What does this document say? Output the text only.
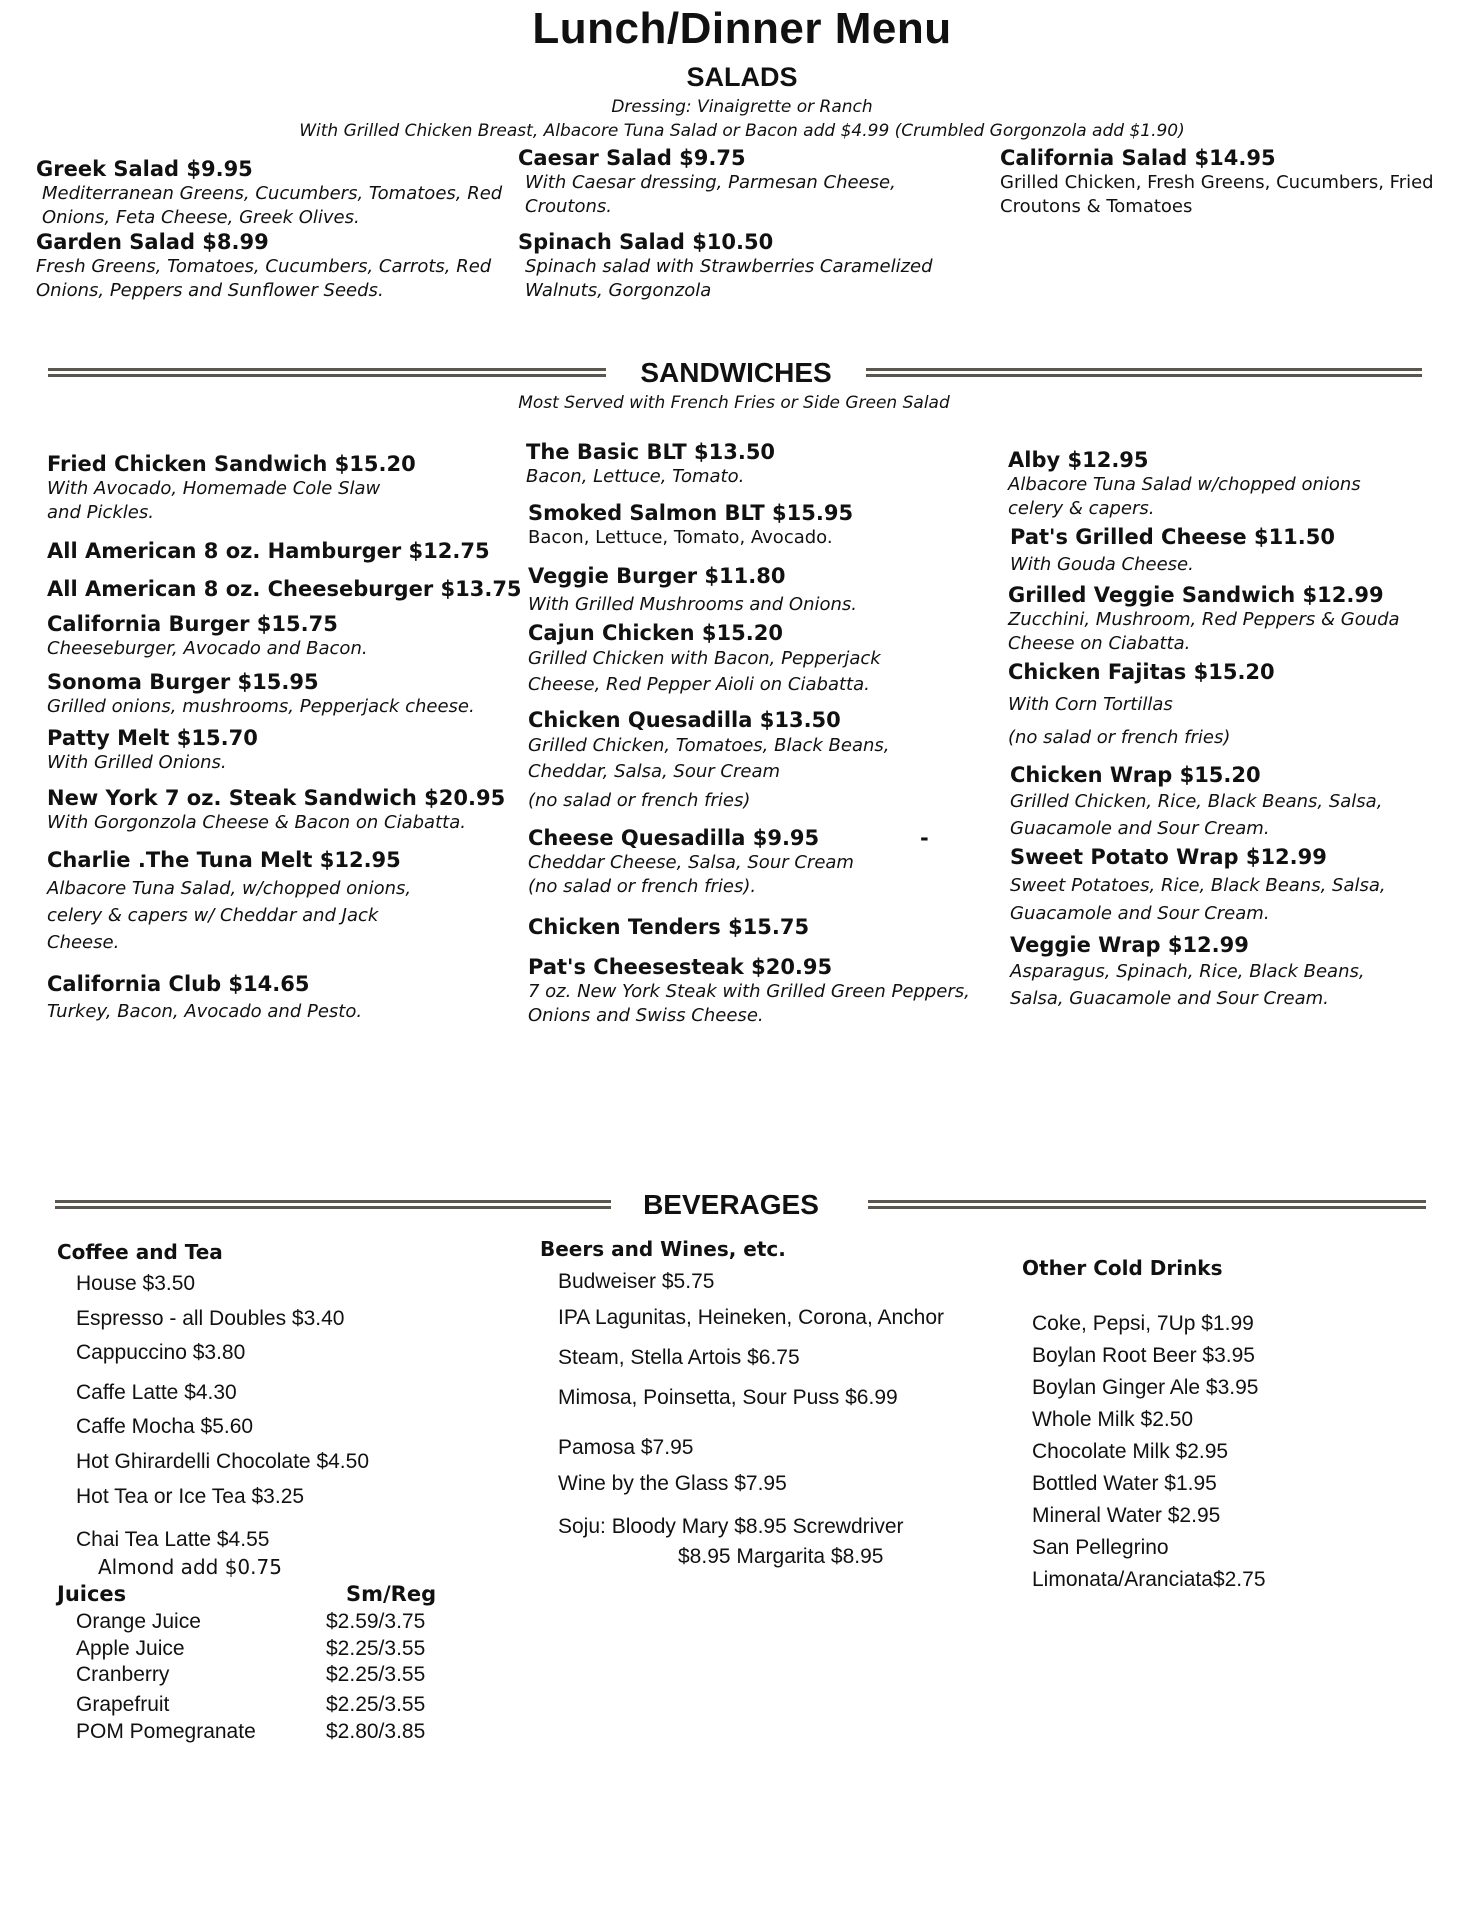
Lunch/Dinner Menu
SALADS
Dressing: Vinaigrette or Ranch
With Grilled Chicken Breast, Albacore Tuna Salad or Bacon add $4.99 (Crumbled Gorgonzola add $1.90)
Greek Salad $9.95
Mediterranean Greens, Cucumbers, Tomatoes, Red Onions, Feta Cheese, Greek Olives.
Garden Salad $8.99
Fresh Greens, Tomatoes, Cucumbers, Carrots, Red Onions, Peppers and Sunflower Seeds.
Caesar Salad $9.75
With Caesar dressing, Parmesan Cheese, Croutons.
Spinach Salad $10.50
Spinach salad with Strawberries Caramelized Walnuts, Gorgonzola
California Salad $14.95
Grilled Chicken, Fresh Greens, Cucumbers, Fried Croutons & Tomatoes
SANDWICHES
Most Served with French Fries or Side Green Salad
Fried Chicken Sandwich $15.20
With Avocado, Homemade Cole Slaw and Pickles.
All American 8 oz. Hamburger $12.75
All American 8 oz. Cheeseburger $13.75
California Burger $15.75
Cheeseburger, Avocado and Bacon.
Sonoma Burger $15.95
Grilled onions, mushrooms, Pepperjack cheese.
Patty Melt $15.70
With Grilled Onions.
New York 7 oz. Steak Sandwich $20.95
With Gorgonzola Cheese & Bacon on Ciabatta.
Charlie .The Tuna Melt $12.95
Albacore Tuna Salad, w/chopped onions, celery & capers w/ Cheddar and Jack Cheese.
California Club $14.65
Turkey, Bacon, Avocado and Pesto.
The Basic BLT $13.50
Bacon, Lettuce, Tomato.
Smoked Salmon BLT $15.95
Bacon, Lettuce, Tomato, Avocado.
Veggie Burger $11.80
With Grilled Mushrooms and Onions.
Cajun Chicken $15.20
Grilled Chicken with Bacon, Pepperjack Cheese, Red Pepper Aioli on Ciabatta.
Chicken Quesadilla $13.50
Grilled Chicken, Tomatoes, Black Beans, Cheddar, Salsa, Sour Cream
(no salad or french fries)
Cheese Quesadilla $9.95
Cheddar Cheese, Salsa, Sour Cream (no salad or french fries).
-
Chicken Tenders $15.75
Pat's Cheesesteak $20.95
7 oz. New York Steak with Grilled Green Peppers, Onions and Swiss Cheese.
Alby $12.95
Albacore Tuna Salad w/chopped onions celery & capers.
Pat's Grilled Cheese $11.50
With Gouda Cheese.
Grilled Veggie Sandwich $12.99
Zucchini, Mushroom, Red Peppers & Gouda Cheese on Ciabatta.
Chicken Fajitas $15.20
With Corn Tortillas
(no salad or french fries)
Chicken Wrap $15.20
Grilled Chicken, Rice, Black Beans, Salsa, Guacamole and Sour Cream.
Sweet Potato Wrap $12.99
Sweet Potatoes, Rice, Black Beans, Salsa, Guacamole and Sour Cream.
Veggie Wrap $12.99
Asparagus, Spinach, Rice, Black Beans, Salsa, Guacamole and Sour Cream.
BEVERAGES
Coffee and Tea
House $3.50
Espresso - all Doubles $3.40
Cappuccino $3.80
Caffe Latte $4.30
Caffe Mocha $5.60
Hot Ghirardelli Chocolate $4.50
Hot Tea or Ice Tea $3.25
Chai Tea Latte $4.55
Almond add $0.75
Juices	Sm/Reg
Orange Juice	$2.59/3.75
Apple Juice	$2.25/3.55
Cranberry	$2.25/3.55
Grapefruit	$2.25/3.55
POM Pomegranate	$2.80/3.85
Beers and Wines, etc.
Budweiser $5.75
IPA Lagunitas, Heineken, Corona, Anchor
Steam, Stella Artois $6.75
Mimosa, Poinsetta, Sour Puss $6.99
Pamosa $7.95
Wine by the Glass $7.95
Soju: Bloody Mary $8.95 Screwdriver
$8.95 Margarita $8.95
Other Cold Drinks
Coke, Pepsi, 7Up $1.99
Boylan Root Beer $3.95
Boylan Ginger Ale $3.95
Whole Milk $2.50
Chocolate Milk $2.95
Bottled Water $1.95
Mineral Water $2.95
San Pellegrino
Limonata/Aranciata$2.75
